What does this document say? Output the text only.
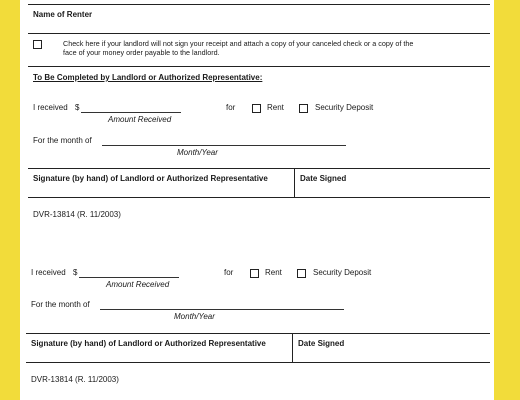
Name of Renter
Check here if your landlord will not sign your receipt and attach a copy of your canceled check or a copy of the
face of your money order payable to the landlord.
To Be Completed by Landlord or Authorized Representative:
I received $
Amount Received
for	Rent	Security Deposit
For the month of
Month/Year
Signature (by hand) of Landlord or Authorized Representative	Date Signed
DVR-13814 (R. 11/2003)
I received $
Amount Received
for	Rent	Security Deposit
For the month of
Month/Year
Signature (by hand) of Landlord or Authorized Representative	Date Signed
DVR-13814 (R. 11/2003)
